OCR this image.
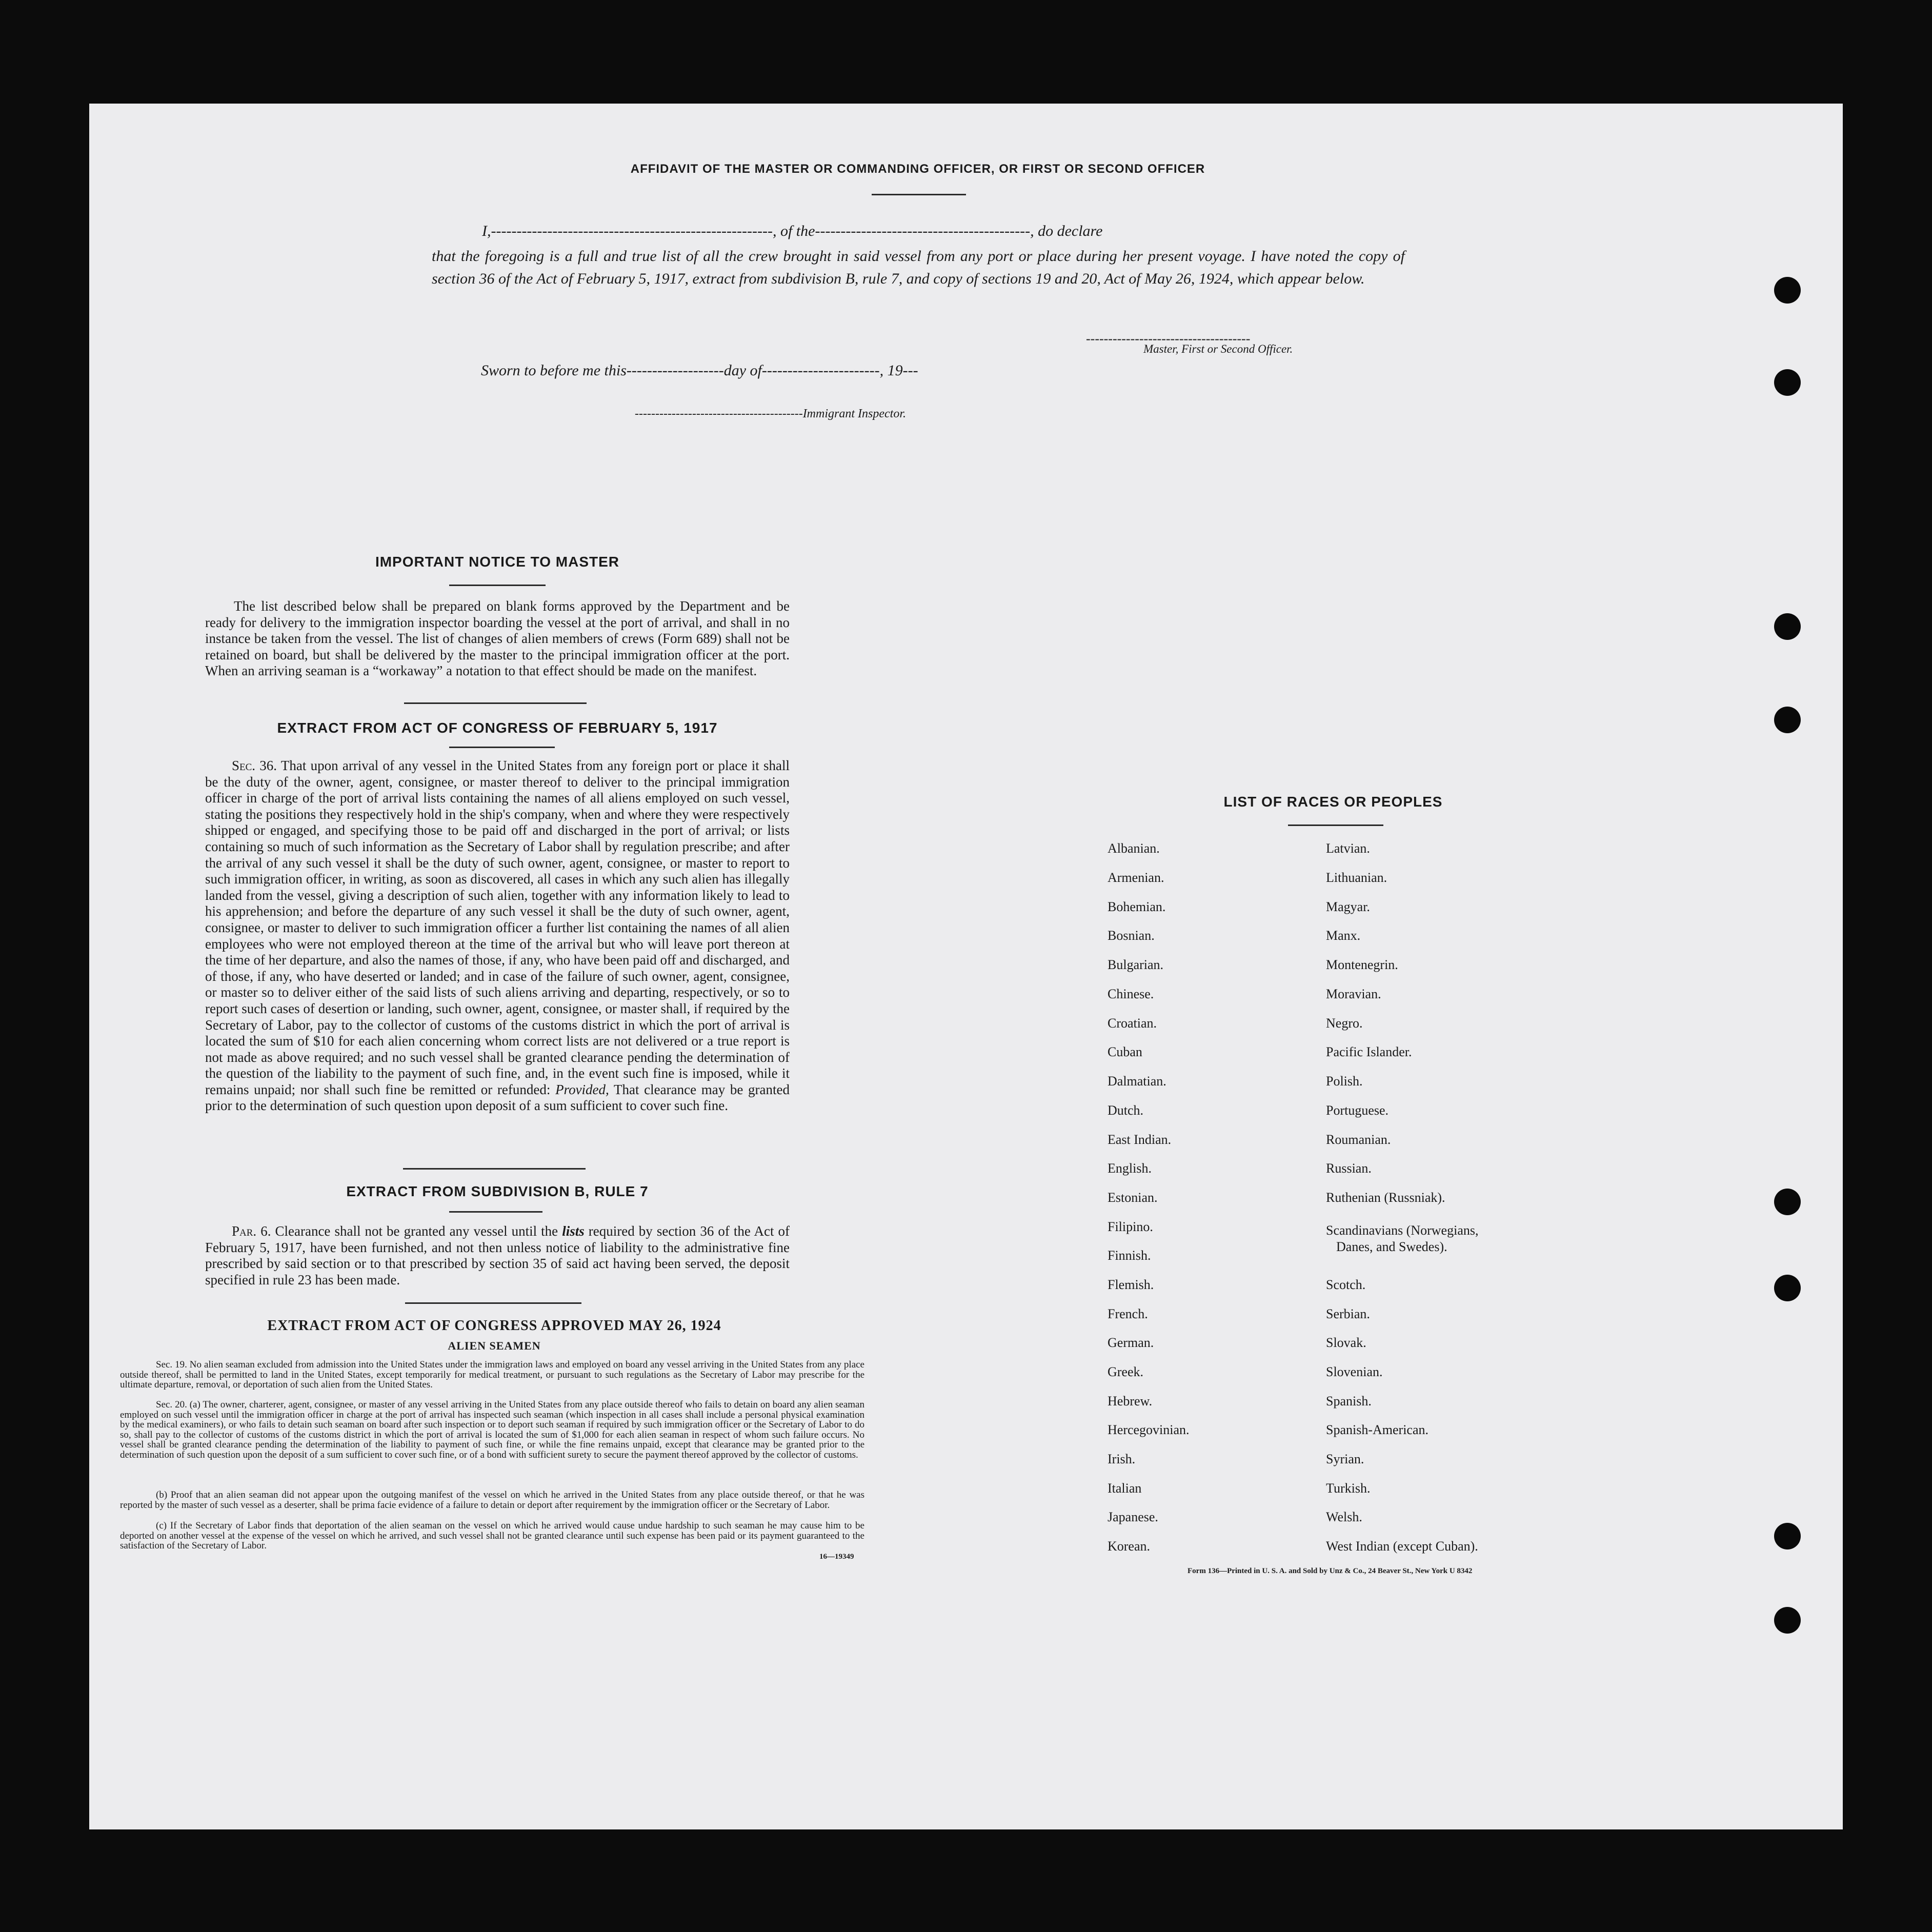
AFFIDAVIT OF THE MASTER OR COMMANDING OFFICER, OR FIRST OR SECOND OFFICER
I,-------------------------------------------------------, of the------------------------------------------, do declare
that the foregoing is a full and true list of all the crew brought in said vessel from any port or place during her present voyage. I have noted the copy of section 36 of the Act of February 5, 1917, extract from subdivision B, rule 7, and copy of sections 19 and 20, Act of May 26, 1924, which appear below.
-------------------------------------
Master, First or Second Officer.
Sworn to before me this-------------------day of-----------------------, 19---
-----------------------------------------Immigrant Inspector.
IMPORTANT NOTICE TO MASTER
The list described below shall be prepared on blank forms approved by the Department and be ready for delivery to the immigration inspector boarding the vessel at the port of arrival, and shall in no instance be taken from the vessel. The list of changes of alien members of crews (Form 689) shall not be retained on board, but shall be delivered by the master to the principal immigration officer at the port. When an arriving seaman is a “workaway” a notation to that effect should be made on the manifest.
EXTRACT FROM ACT OF CONGRESS OF FEBRUARY 5, 1917
Sec. 36. That upon arrival of any vessel in the United States from any foreign port or place it shall be the duty of the owner, agent, consignee, or master thereof to deliver to the principal immigration officer in charge of the port of arrival lists containing the names of all aliens employed on such vessel, stating the positions they respectively hold in the ship's company, when and where they were respectively shipped or engaged, and specifying those to be paid off and discharged in the port of arrival; or lists containing so much of such information as the Secretary of Labor shall by regulation prescribe; and after the arrival of any such vessel it shall be the duty of such owner, agent, consignee, or master to report to such immigration officer, in writing, as soon as discovered, all cases in which any such alien has illegally landed from the vessel, giving a description of such alien, together with any information likely to lead to his apprehension; and before the departure of any such vessel it shall be the duty of such owner, agent, consignee, or master to deliver to such immigration officer a further list containing the names of all alien employees who were not employed thereon at the time of the arrival but who will leave port thereon at the time of her departure, and also the names of those, if any, who have been paid off and discharged, and of those, if any, who have deserted or landed; and in case of the failure of such owner, agent, consignee, or master so to deliver either of the said lists of such aliens arriving and departing, respectively, or so to report such cases of desertion or landing, such owner, agent, consignee, or master shall, if required by the Secretary of Labor, pay to the collector of customs of the customs district in which the port of arrival is located the sum of $10 for each alien concerning whom correct lists are not delivered or a true report is not made as above required; and no such vessel shall be granted clearance pending the determination of the question of the liability to the payment of such fine, and, in the event such fine is imposed, while it remains unpaid; nor shall such fine be remitted or refunded: Provided, That clearance may be granted prior to the determination of such question upon deposit of a sum sufficient to cover such fine.
EXTRACT FROM SUBDIVISION B, RULE 7
Par. 6. Clearance shall not be granted any vessel until the lists required by section 36 of the Act of February 5, 1917, have been furnished, and not then unless notice of liability to the administrative fine prescribed by said section or to that prescribed by section 35 of said act having been served, the deposit specified in rule 23 has been made.
EXTRACT FROM ACT OF CONGRESS APPROVED MAY 26, 1924
ALIEN SEAMEN
Sec. 19. No alien seaman excluded from admission into the United States under the immigration laws and employed on board any vessel arriving in the United States from any place outside thereof, shall be permitted to land in the United States, except temporarily for medical treatment, or pursuant to such regulations as the Secretary of Labor may prescribe for the ultimate departure, removal, or deportation of such alien from the United States.
Sec. 20. (a) The owner, charterer, agent, consignee, or master of any vessel arriving in the United States from any place outside thereof who fails to detain on board any alien seaman employed on such vessel until the immigration officer in charge at the port of arrival has inspected such seaman (which inspection in all cases shall include a personal physical examination by the medical examiners), or who fails to detain such seaman on board after such inspection or to deport such seaman if required by such immigration officer or the Secretary of Labor to do so, shall pay to the collector of customs of the customs district in which the port of arrival is located the sum of $1,000 for each alien seaman in respect of whom such failure occurs. No vessel shall be granted clearance pending the determination of the liability to payment of such fine, or while the fine remains unpaid, except that clearance may be granted prior to the determination of such question upon the deposit of a sum sufficient to cover such fine, or of a bond with sufficient surety to secure the payment thereof approved by the collector of customs.
(b) Proof that an alien seaman did not appear upon the outgoing manifest of the vessel on which he arrived in the United States from any place outside thereof, or that he was reported by the master of such vessel as a deserter, shall be prima facie evidence of a failure to detain or deport after requirement by the immigration officer or the Secretary of Labor.
(c) If the Secretary of Labor finds that deportation of the alien seaman on the vessel on which he arrived would cause undue hardship to such seaman he may cause him to be deported on another vessel at the expense of the vessel on which he arrived, and such vessel shall not be granted clearance until such expense has been paid or its payment guaranteed to the satisfaction of the Secretary of Labor.
16—19349
LIST OF RACES OR PEOPLES
Albanian.
Armenian.
Bohemian.
Bosnian.
Bulgarian.
Chinese.
Croatian.
Cuban
Dalmatian.
Dutch.
East Indian.
English.
Estonian.
Filipino.
Finnish.
Flemish.
French.
German.
Greek.
Hebrew.
Hercegovinian.
Irish.
Italian
Japanese.
Korean.
Latvian.
Lithuanian.
Magyar.
Manx.
Montenegrin.
Moravian.
Negro.
Pacific Islander.
Polish.
Portuguese.
Roumanian.
Russian.
Ruthenian (Russniak).
Scandinavians (Norwegians,
Danes, and Swedes).
Scotch.
Serbian.
Slovak.
Slovenian.
Spanish.
Spanish-American.
Syrian.
Turkish.
Welsh.
West Indian (except Cuban).
Form 136—Printed in U. S. A. and Sold by Unz & Co., 24 Beaver St., New York U 8342
